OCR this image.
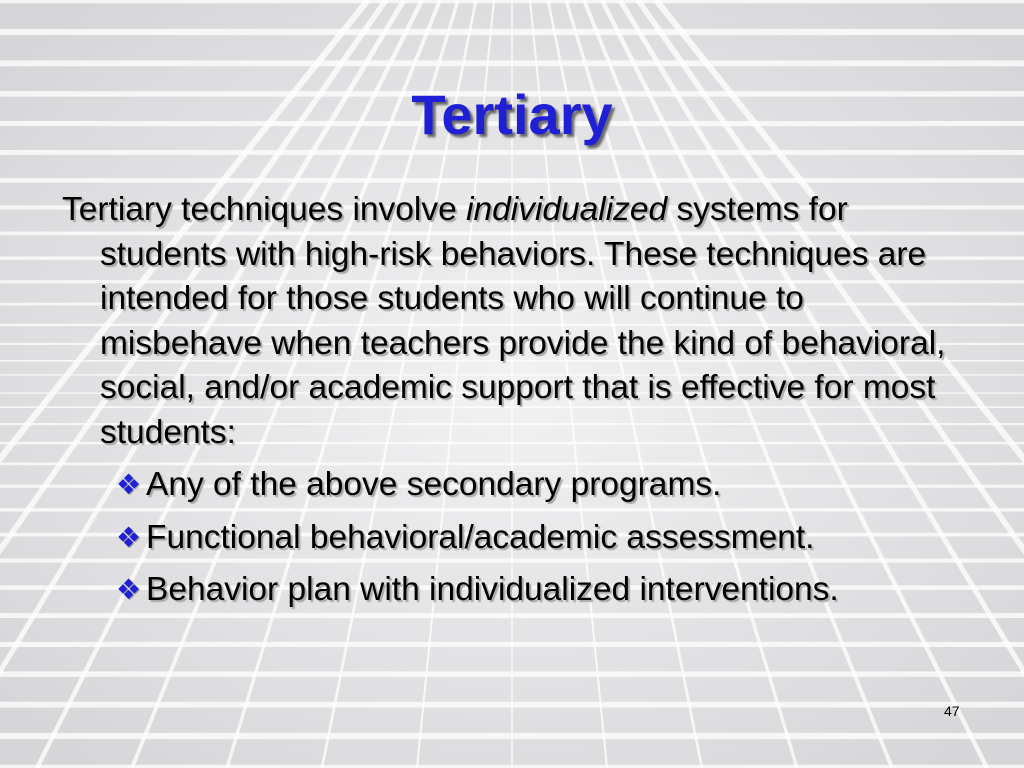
Tertiary

Tertiary techniques involve individualized systems for students with high-risk behaviors. These techniques are intended for those students who will continue to misbehave when teachers provide the kind of behavioral, social, and/or academic support that is effective for most students:

❖ Any of the above secondary programs.
❖ Functional behavioral/academic assessment.
❖ Behavior plan with individualized interventions.
47
